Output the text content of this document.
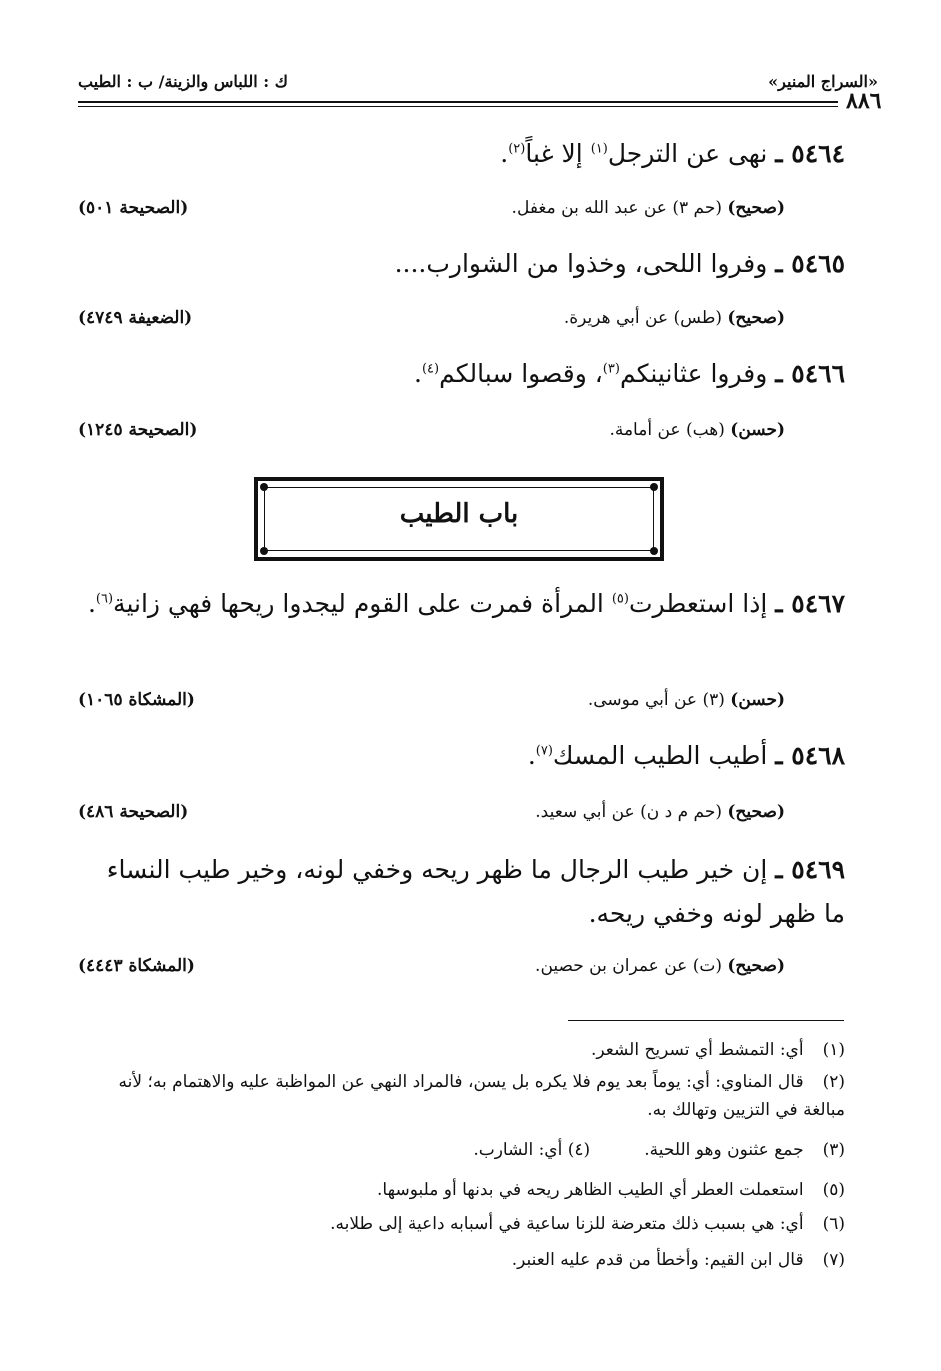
«السراج المنير»
ك : اللباس والزينة/ ب : الطيب
٨٨٦
٥٤٦٤ ـ نهى عن الترجل$^{(١)}$ إلا غباً$^{(٢)}$.
(صحيح) (حم ٣) عن عبد الله بن مغفل.
(الصحيحة ٥٠١)
٥٤٦٥ ـ وفروا اللحى، وخذوا من الشوارب....
(صحيح) (طس) عن أبي هريرة.
(الضعيفة ٤٧٤٩)
٥٤٦٦ ـ وفروا عثانينكم$^{(٣)}$، وقصوا سبالكم$^{(٤)}$.
(حسن) (هب) عن أمامة.
(الصحيحة ١٢٤٥)
باب الطيب
٥٤٦٧ ـ إذا استعطرت$^{(٥)}$ المرأة فمرت على القوم ليجدوا ريحها فهي زانية$^{(٦)}$.
(حسن) (٣) عن أبي موسى.
(المشكاة ١٠٦٥)
٥٤٦٨ ـ أطيب الطيب المسك$^{(٧)}$.
(صحيح) (حم م د ن) عن أبي سعيد.
(الصحيحة ٤٨٦)
٥٤٦٩ ـ إن خير طيب الرجال ما ظهر ريحه وخفي لونه، وخير طيب النساء ما ظهر لونه وخفي ريحه.
(صحيح) (ت) عن عمران بن حصين.
(المشكاة ٤٤٤٣)
(١) أي: التمشط أي تسريح الشعر.
(٢) قال المناوي: أي: يوماً بعد يوم فلا يكره بل يسن، فالمراد النهي عن المواظبة عليه والاهتمام به؛ لأنه مبالغة في التزيين وتهالك به.
(٣) جمع عثنون وهو اللحية.          (٤) أي: الشارب.
(٥) استعملت العطر أي الطيب الظاهر ريحه في بدنها أو ملبوسها.
(٦) أي: هي بسبب ذلك متعرضة للزنا ساعية في أسبابه داعية إلى طلابه.
(٧) قال ابن القيم: وأخطأ من قدم عليه العنبر.
